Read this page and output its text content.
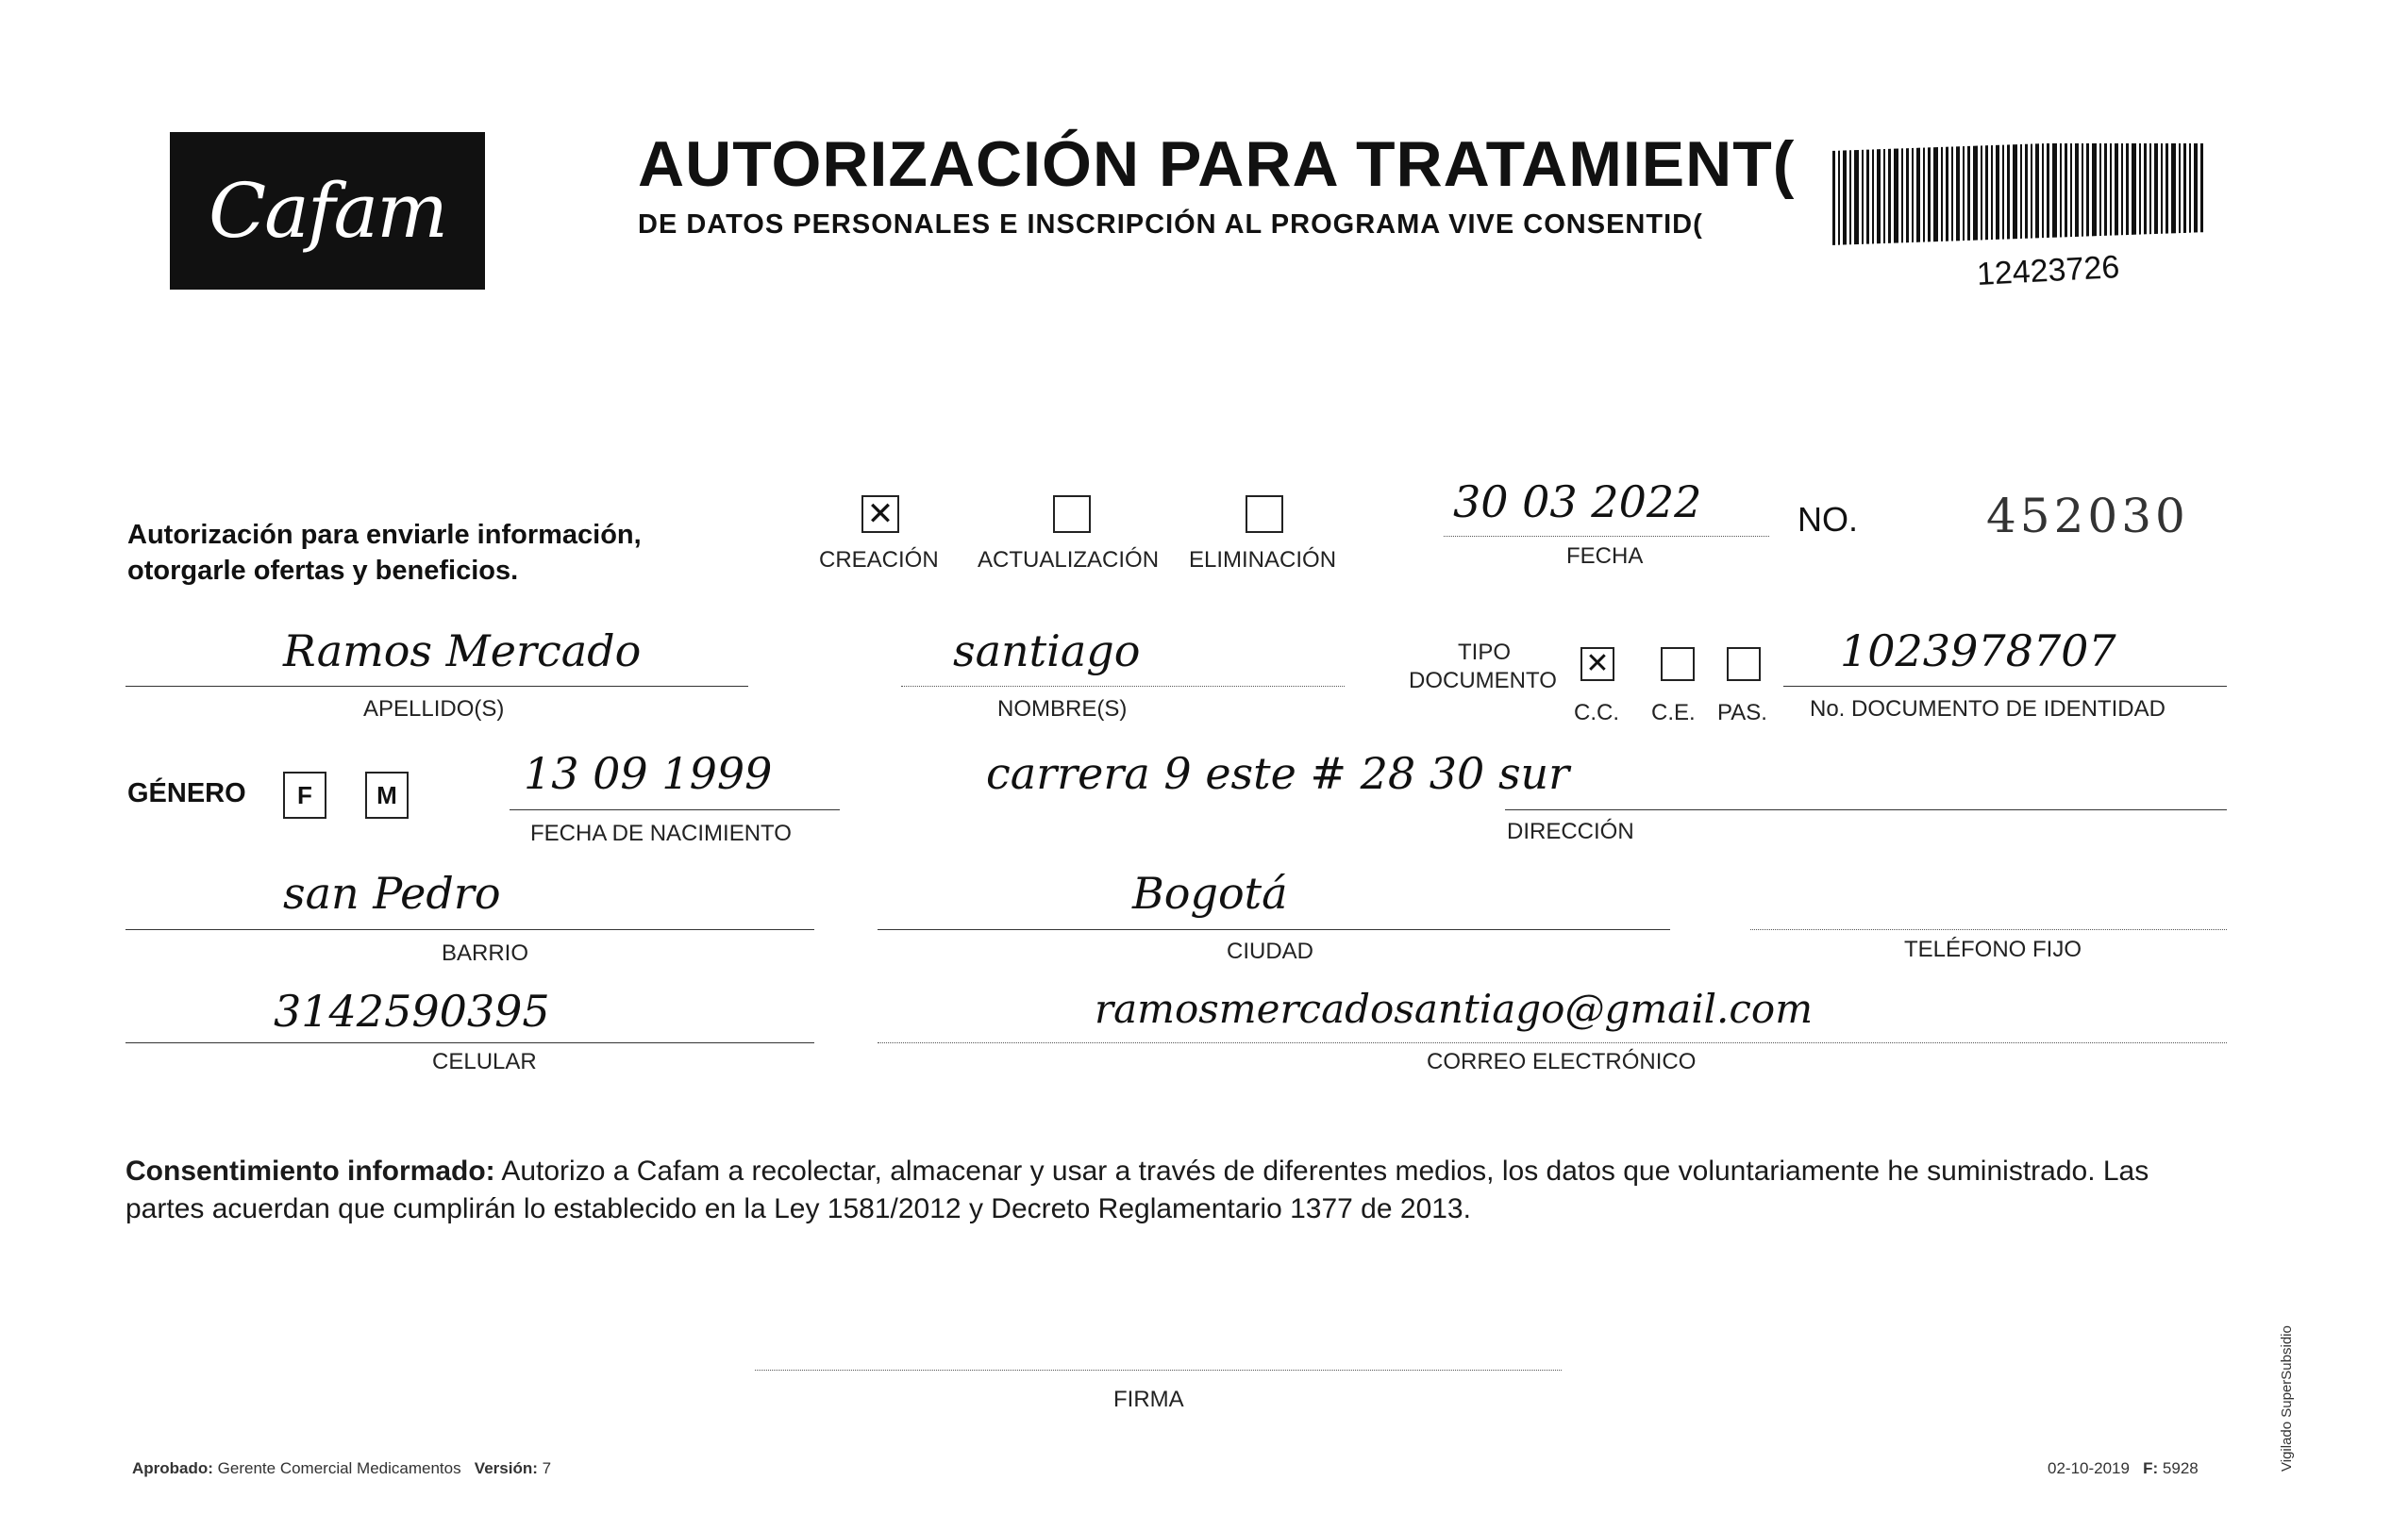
Cafam
AUTORIZACIÓN PARA TRATAMIENT(
DE DATOS PERSONALES E INSCRIPCIÓN AL PROGRAMA VIVE CONSENTID(
12423726
Autorización para enviarle información,
otorgarle ofertas y beneficios.
✕
CREACIÓN ACTUALIZACIÓN ELIMINACIÓN
30 03 2022
FECHA
NO.	452030
Ramos Mercado
APELLIDO(S)
santiago
NOMBRE(S)
TIPO
DOCUMENTO
✕
C.C. C.E. PAS.
1023978707
No. DOCUMENTO DE IDENTIDAD
GÉNERO F	M	13 09 1999
FECHA DE NACIMIENTO
carrera 9 este # 28 30 sur
DIRECCIÓN
san Pedro
BARRIO
Bogotá
CIUDAD	TELÉFONO FIJO
3142590395
CELULAR
ramosmercadosantiago@gmail.com
CORREO ELECTRÓNICO
Consentimiento informado: Autorizo a Cafam a recolectar, almacenar y usar a través de diferentes medios, los datos que voluntariamente he suministrado. Las partes acuerdan que cumplirán lo establecido en la Ley 1581/2012 y Decreto Reglamentario 1377 de 2013.
FIRMA
Aprobado: Gerente Comercial Medicamentos Versión: 7	02-10-2019 F: 5928	Vigilado SuperSubsidio
